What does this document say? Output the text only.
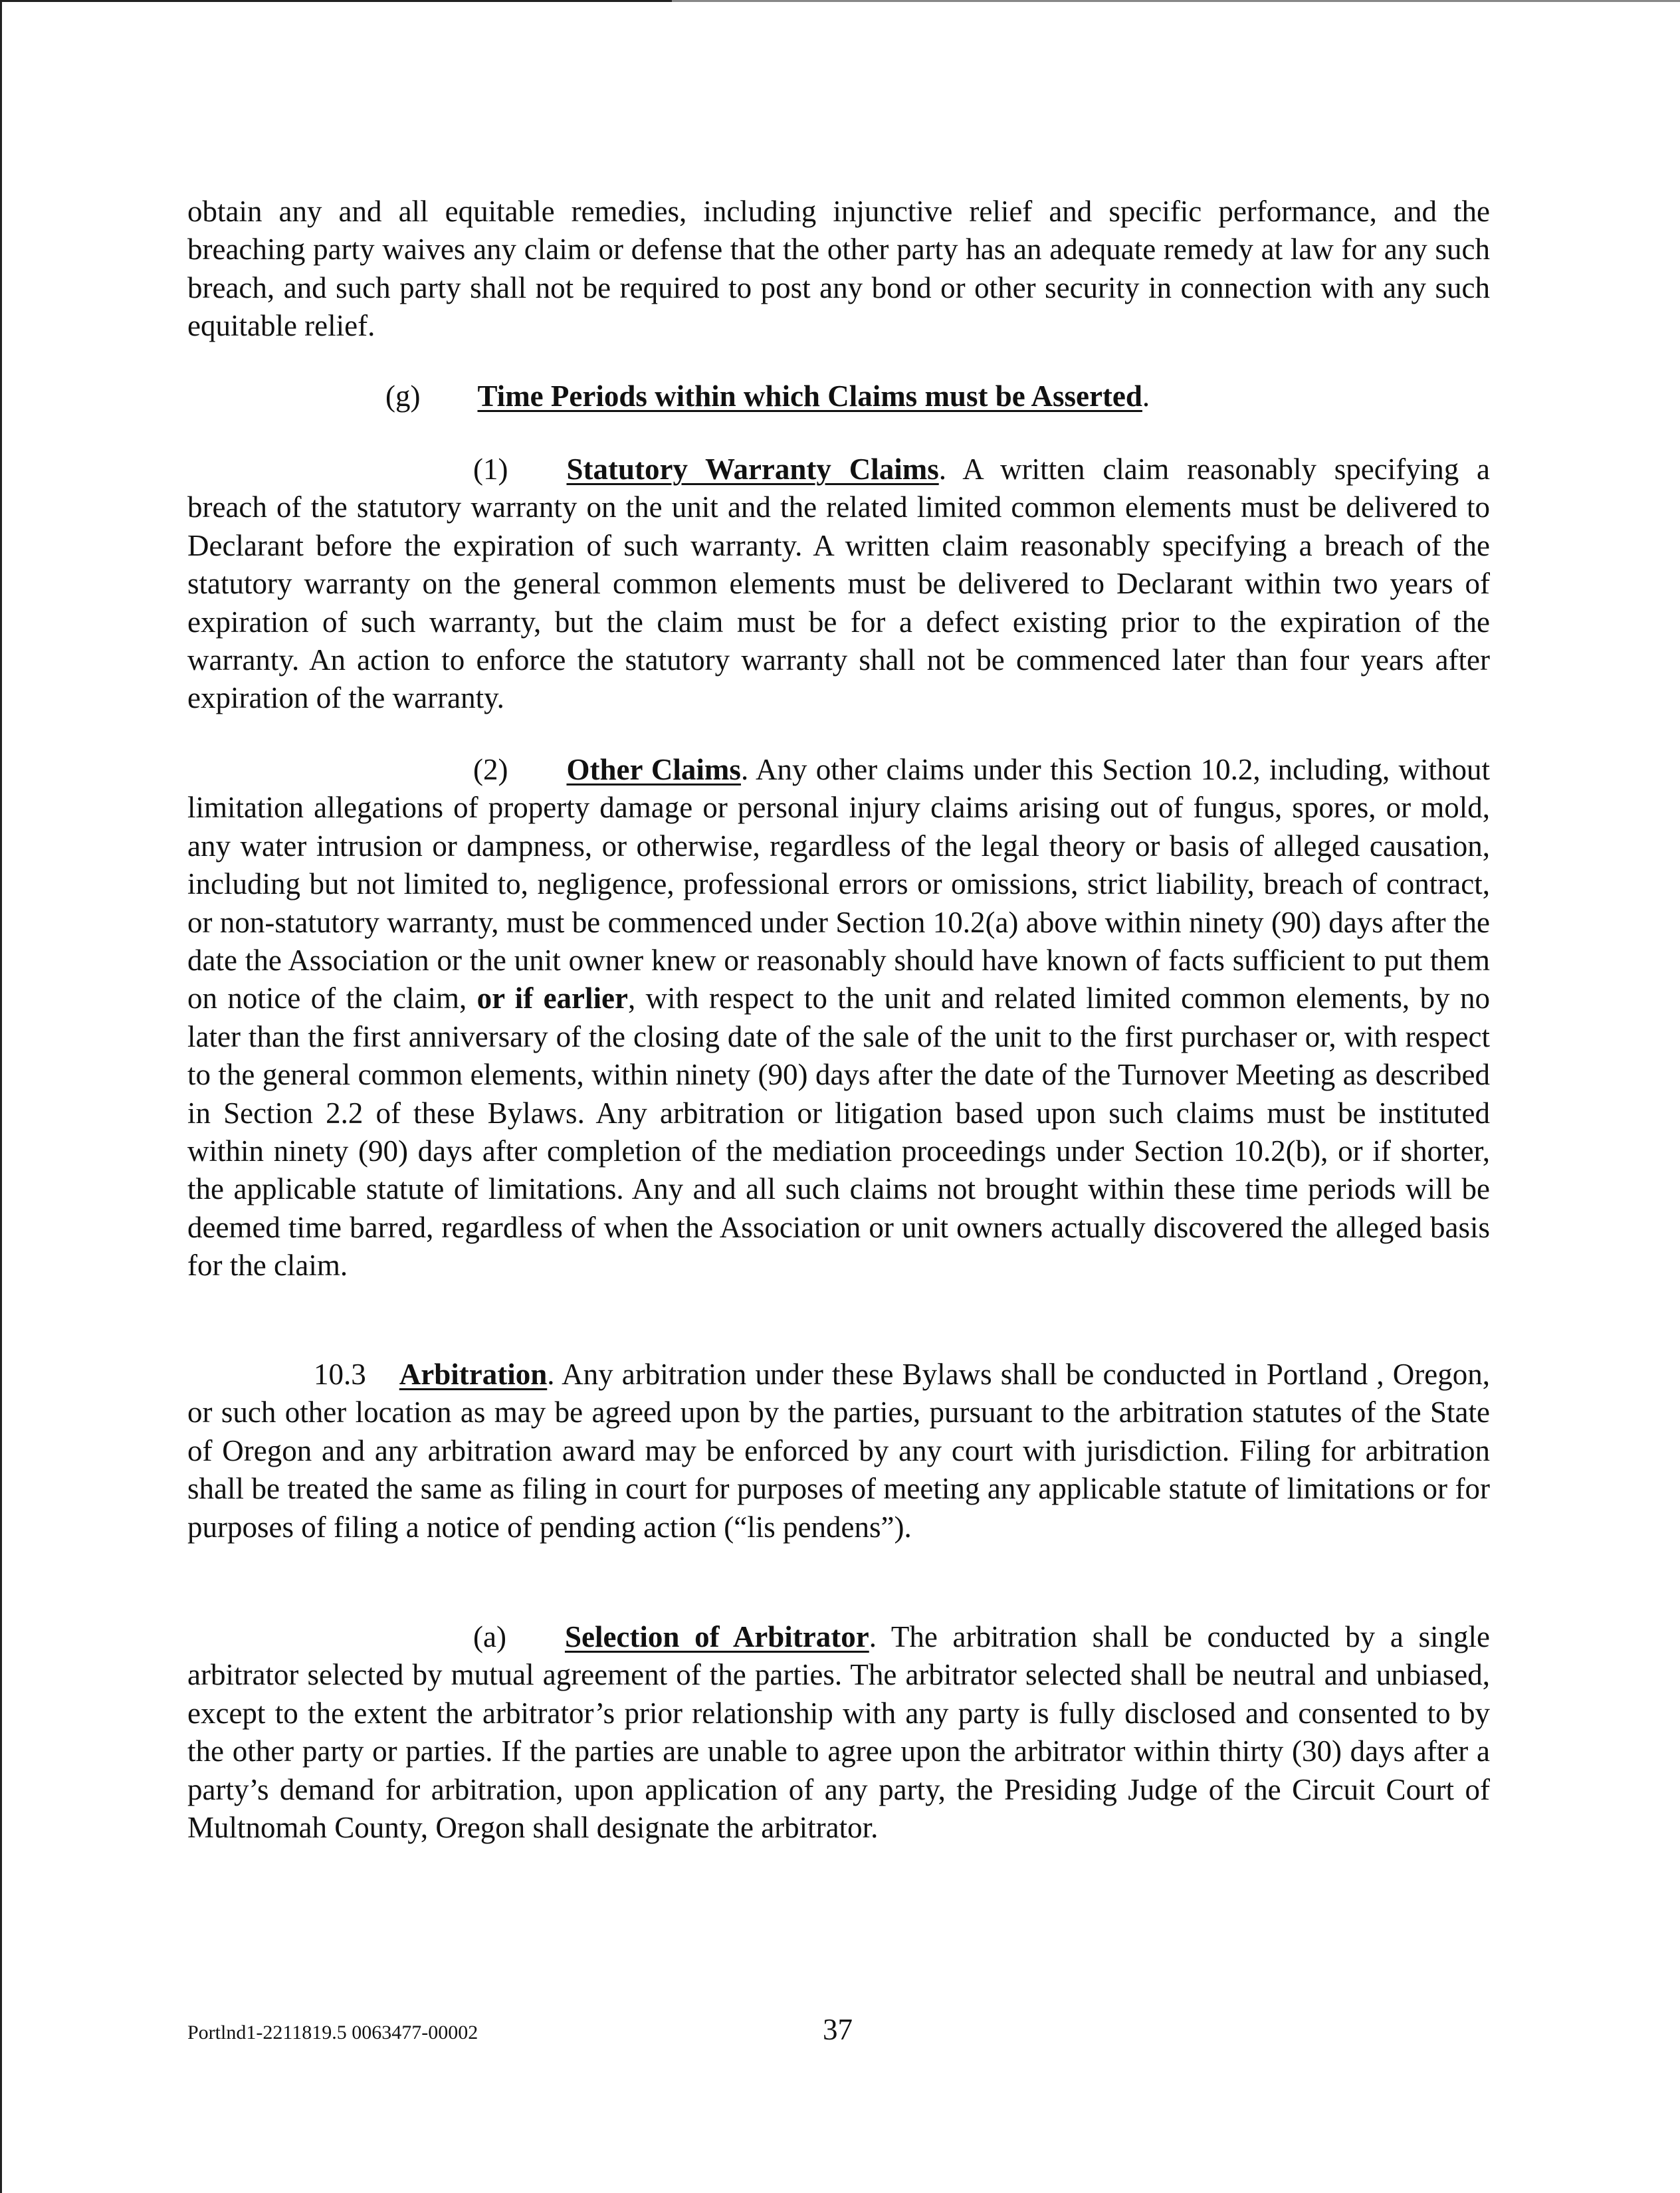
obtain any and all equitable remedies, including injunctive relief and specific performance, and the breaching party waives any claim or defense that the other party has an adequate remedy at law for any such breach, and such party shall not be required to post any bond or other security in connection with any such equitable relief.

(g) Time Periods within which Claims must be Asserted.

(1) Statutory Warranty Claims. A written claim reasonably specifying a breach of the statutory warranty on the unit and the related limited common elements must be delivered to Declarant before the expiration of such warranty. A written claim reasonably specifying a breach of the statutory warranty on the general common elements must be delivered to Declarant within two years of expiration of such warranty, but the claim must be for a defect existing prior to the expiration of the warranty. An action to enforce the statutory warranty shall not be commenced later than four years after expiration of the warranty.

(2) Other Claims. Any other claims under this Section 10.2, including, without limitation allegations of property damage or personal injury claims arising out of fungus, spores, or mold, any water intrusion or dampness, or otherwise, regardless of the legal theory or basis of alleged causation, including but not limited to, negligence, professional errors or omissions, strict liability, breach of contract, or non-statutory warranty, must be commenced under Section 10.2(a) above within ninety (90) days after the date the Association or the unit owner knew or reasonably should have known of facts sufficient to put them on notice of the claim, or if earlier, with respect to the unit and related limited common elements, by no later than the first anniversary of the closing date of the sale of the unit to the first purchaser or, with respect to the general common elements, within ninety (90) days after the date of the Turnover Meeting as described in Section 2.2 of these Bylaws. Any arbitration or litigation based upon such claims must be instituted within ninety (90) days after completion of the mediation proceedings under Section 10.2(b), or if shorter, the applicable statute of limitations. Any and all such claims not brought within these time periods will be deemed time barred, regardless of when the Association or unit owners actually discovered the alleged basis for the claim.

10.3 Arbitration. Any arbitration under these Bylaws shall be conducted in Portland , Oregon, or such other location as may be agreed upon by the parties, pursuant to the arbitration statutes of the State of Oregon and any arbitration award may be enforced by any court with jurisdiction. Filing for arbitration shall be treated the same as filing in court for purposes of meeting any applicable statute of limitations or for purposes of filing a notice of pending action (“lis pendens”).

(a) Selection of Arbitrator. The arbitration shall be conducted by a single arbitrator selected by mutual agreement of the parties. The arbitrator selected shall be neutral and unbiased, except to the extent the arbitrator’s prior relationship with any party is fully disclosed and consented to by the other party or parties. If the parties are unable to agree upon the arbitrator within thirty (30) days after a party’s demand for arbitration, upon application of any party, the Presiding Judge of the Circuit Court of Multnomah County, Oregon shall designate the arbitrator.

Portlnd1-2211819.5 0063477-00002	37
